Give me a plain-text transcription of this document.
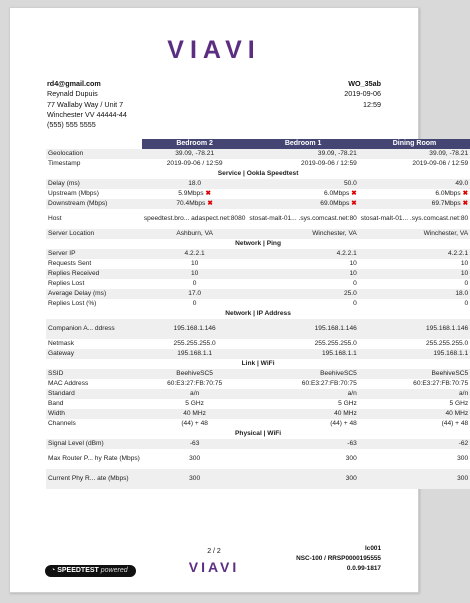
VIAVI
rd4@gmail.com
Reynald Dupuis
77 Wallaby Way / Unit 7
Winchester VV 44444-44
(555) 555 5555
WO_35ab
2019-09-06
12:59
	Bedroom 2	Bedroom 1	Dining Room
Geolocation	39.09, -78.21	39.09, -78.21	39.09, -78.21
Timestamp	2019-09-06 / 12:59	2019-09-06 / 12:59	2019-09-06 / 12:59
Service | Ookla Speedtest			
Delay (ms)	18.0	50.0	49.0
Upstream (Mbps)	5.9Mbps ✖	6.0Mbps ✖	6.0Mbps ✖
Downstream (Mbps)	70.4Mbps ✖	69.0Mbps ✖	69.7Mbps ✖
Host	speedtest.bro... adaspect.net:8080	stosat-malt-01... .sys.comcast.net:80	stosat-malt-01... .sys.comcast.net:80
Server Location	Ashburn, VA	Winchester, VA	Winchester, VA
Network | Ping			
Server IP	4.2.2.1	4.2.2.1	4.2.2.1
Requests Sent	10	10	10
Replies Received	10	10	10
Replies Lost	0	0	0
Average Delay (ms)	17.0	25.0	18.0
Replies Lost (%)	0	0	0
Network | IP Address			
Companion A... ddress	195.168.1.146	195.168.1.146	195.168.1.146
Netmask	255.255.255.0	255.255.255.0	255.255.255.0
Gateway	195.168.1.1	195.168.1.1	195.168.1.1
Link | WiFi			
SSID	BeehiveSC5	BeehiveSC5	BeehiveSC5
MAC Address	60:E3:27:FB:70:75	60:E3:27:FB:70:75	60:E3:27:FB:70:75
Standard	a/n	a/n	a/n
Band	5 GHz	5 GHz	5 GHz
Width	40 MHz	40 MHz	40 MHz
Channels	(44) + 48	(44) + 48	(44) + 48
Physical | WiFi			
Signal Level (dBm)	-63	-63	-62
Max Router P... hy Rate (Mbps)	300	300	300
Current Phy R... ate (Mbps)	300	300	300
2 / 2
VIAVI
lc001
NSC-100 / RRSP0000195555
0.0.99-1817
◔ SPEEDTEST powered
